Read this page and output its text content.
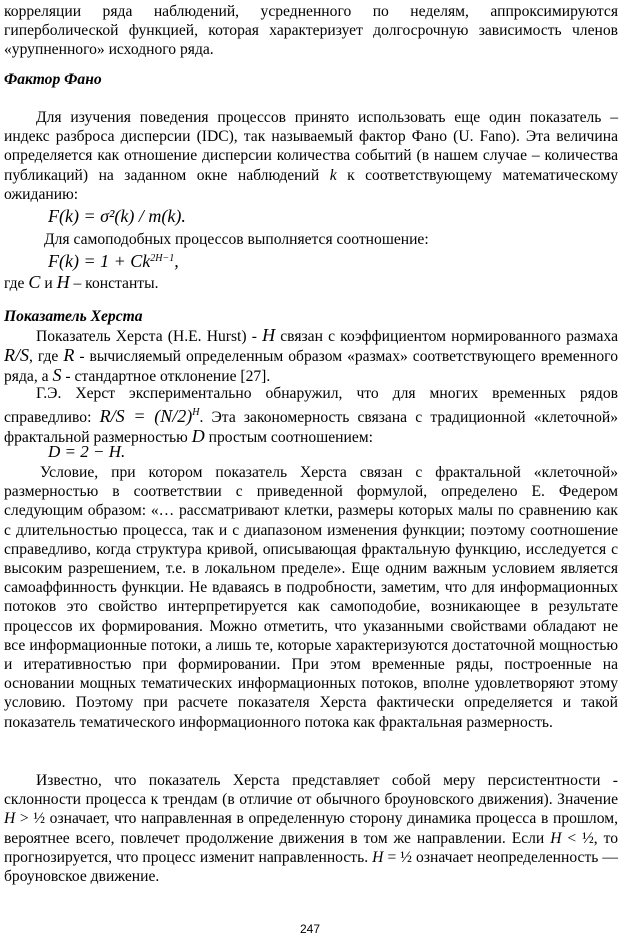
корреляции ряда наблюдений, усредненного по неделям, аппроксимируются гиперболической функцией, которая характеризует долгосрочную зависимость членов «урупненного» исходного ряда.

Фактор Фано

Для изучения поведения процессов принято использовать еще один показатель – индекс разброса дисперсии (IDC), так называемый фактор Фано (U. Fano). Эта величина определяется как отношение дисперсии количества событий (в нашем случае – количества публикаций) на заданном окне наблюдений k к соответствующему математическому ожиданию:

F(k) = σ²(k) / m(k).

Для самоподобных процессов выполняется соотношение:

$F(k) = 1 + Ck^{2H-1}$,

где C и H – константы.

Показатель Херста

Показатель Херста (H.E. Hurst) - H связан с коэффициентом нормированного размаха R/S, где R - вычисляемый определенным образом «размах» соответствующего временного ряда, а S - стандартное отклонение [27].

Г.Э. Херст экспериментально обнаружил, что для многих временных рядов справедливо: $R/S = (N/2)^H$. Эта закономерность связана с традиционной «клеточной» фрактальной размерностью D простым соотношением:

D = 2 − H.

Условие, при котором показатель Херста связан с фрактальной «клеточной» размерностью в соответствии с приведенной формулой, определено Е. Федером следующим образом: «… рассматривают клетки, размеры которых малы по сравнению как с длительностью процесса, так и с диапазоном изменения функции; поэтому соотношение справедливо, когда структура кривой, описывающая фрактальную функцию, исследуется с высоким разрешением, т.е. в локальном пределе». Еще одним важным условием является самоаффинность функции. Не вдаваясь в подробности, заметим, что для информационных потоков это свойство интерпретируется как самоподобие, возникающее в результате процессов их формирования. Можно отметить, что указанными свойствами обладают не все информационные потоки, а лишь те, которые характеризуются достаточной мощностью и итеративностью при формировании. При этом временные ряды, построенные на основании мощных тематических информационных потоков, вполне удовлетворяют этому условию. Поэтому при расчете показателя Херста фактически определяется и такой показатель тематического информационного потока как фрактальная размерность.

Известно, что показатель Херста представляет собой меру персистентности - склонности процесса к трендам (в отличие от обычного броуновского движения). Значение H > ½ означает, что направленная в определенную сторону динамика процесса в прошлом, вероятнее всего, повлечет продолжение движения в том же направлении. Если H < ½, то прогнозируется, что процесс изменит направленность. H = ½ означает неопределенность — броуновское движение.

247
